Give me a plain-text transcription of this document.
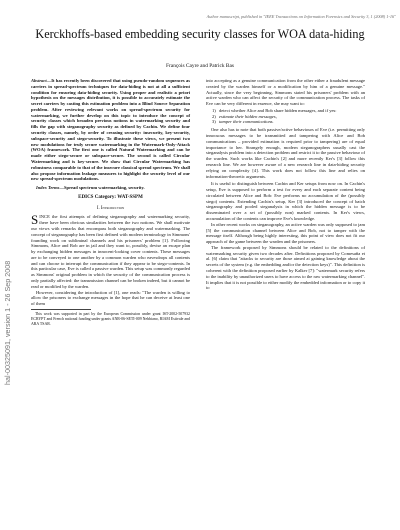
Author manuscript, published in "IEEE Transactions on Information Forensics and Security 3, 1 (2008) 1-16"
hal-00325091, version 1 - 26 Sep 2008
Kerckhoffs-based embedding security classes for WOA data-hiding
François Cayre and Patrick Bas

Abstract—It has recently been discovered that using pseudo-random sequences as carriers in spread-spectrum techniques for data-hiding is not at all a sufficient condition for ensuring data-hiding security. Using proper and realistic a priori hypothesis on the messages distribution, it is possible to accurately estimate the secret carriers by casting this estimation problem into a Blind Source Separation problem. After reviewing relevant works on spread-spectrum security for watermarking, we further develop on this topic to introduce the concept of security classes which broaden previous notions in watermarking security and fills the gap with steganography security as defined by Cachin. We define four security classes, namely, by order of creasing security: insecurity, key-security, subspace-security and stego-security. To illustrate these views, we present two new modulations for truly secure watermarking in the Watermark-Only-Attack (WOA) framework. The first one is called Natural Watermarking and can be made either stego-secure or subspace-secure. The second is called Circular Watermarking and is key-secure. We show that Circular Watermarking has robustness comparable to that of the insecure classical spread spectrum. We shall also propose information leakage measures to highlight the security level of our new spread-spectrum modulations.

Index Terms—Spread spectrum watermarking, security.

EDICS Category: WAT-SSPM

I. Introduction

SINCE the first attempts of defining steganography and watermarking security, there have been obvious similarities between the two notions. We shall motivate our views with remarks that encompass both steganography and watermarking. The concept of steganography has been first defined with modern terminology in Simmons' founding work on subliminal channels and his prisoners' problem [1]. Following Simmons, Alice and Bob are in jail and they want to, possibly, devise an escape plan by exchanging hidden messages in innocent-looking cover contents. These messages are to be conveyed to one another by a common warden who eavesdrops all contents and can choose to interrupt the communication if they appear to be stego-contents. In this particular case, Eve is called a passive warden. This setup was commonly regarded as Simmons' original problem in which the security of the communication process is only partially affected: the transmission channel can be broken indeed, but it cannot be read or modified by the warden.

However, considering the introduction of [1], one reads: "The warden is willing to allow the prisoners to exchange messages in the hope that he can deceive at least one of them

This work was supported in part by the European Commission under grant IST-2002-507932 ECRYPT and French national funding under grants ANR-06-SETI-009 Nebbiano, RIAM Estivale and ARA TSAR.

into accepting as a genuine communication from the other either a fraudulent message created by the warden himself or a modification by him of a genuine message." Actually, since the very beginning, Simmons stated his prisoners' problem with an active warden who can affect the security of the communication process. The tasks of Eve can be very different in essence, she may want to:

1) detect whether Alice and Bob share hidden messages, and if yes:
2) estimate their hidden messages,
3) tamper their communications.

One also has to note that both passive/active behaviours of Eve (i.e. permitting only innocuous messages to be transmitted and tampering with Alice and Bob communications – provided estimation is required prior to tampering) are of equal importance to her. Strangely enough, modern steganographers usually cast the steganalysis problem into a detection problem and restrict it to the passive behaviour of the warden. Such works like Cachin's [2] and more recently Ker's [3] follow this research line. We are however aware of a new research line in data-hiding security relying on complexity [4]. This work does not follow this line and relies on information-theoretic arguments.

It is useful to distinguish between Cachin and Ker setups from now on. In Cachin's setup, Eve is supposed to perform a test for every and each separate content being circulated between Alice and Bob: Eve performs no accumulation of the (possibly stego) contents. Extending Cachin's setup, Ker [3] introduced the concept of batch steganography and pooled steganalysis in which the hidden message is to be disseminated over a set of (possibly non) marked contents. In Ker's views, accumulation of the contents can improve Eve's knowledge.

In other recent works on steganography, an active warden was only supposed to jam [5] the communication channel between Alice and Bob, not to tamper with the message itself. Although being highly interesting, this point of view does not fit our approach of the game between the warden and the prisoners.

The framework proposed by Simmons should be related to the definitions of watermarking security given two decades after. Definitions proposed by Comesaña et al. [6] claim that "attacks to security are those aimed at gaining knowledge about the secrets of the system (e.g. the embedding and/or the detection keys)". This definition is coherent with the definition proposed earlier by Kalker [7]: "watermark security refers to the inability by unauthorized users to have access to the raw watermarking channel". It implies that it is not possible to either modify the embedded information or to copy it to
